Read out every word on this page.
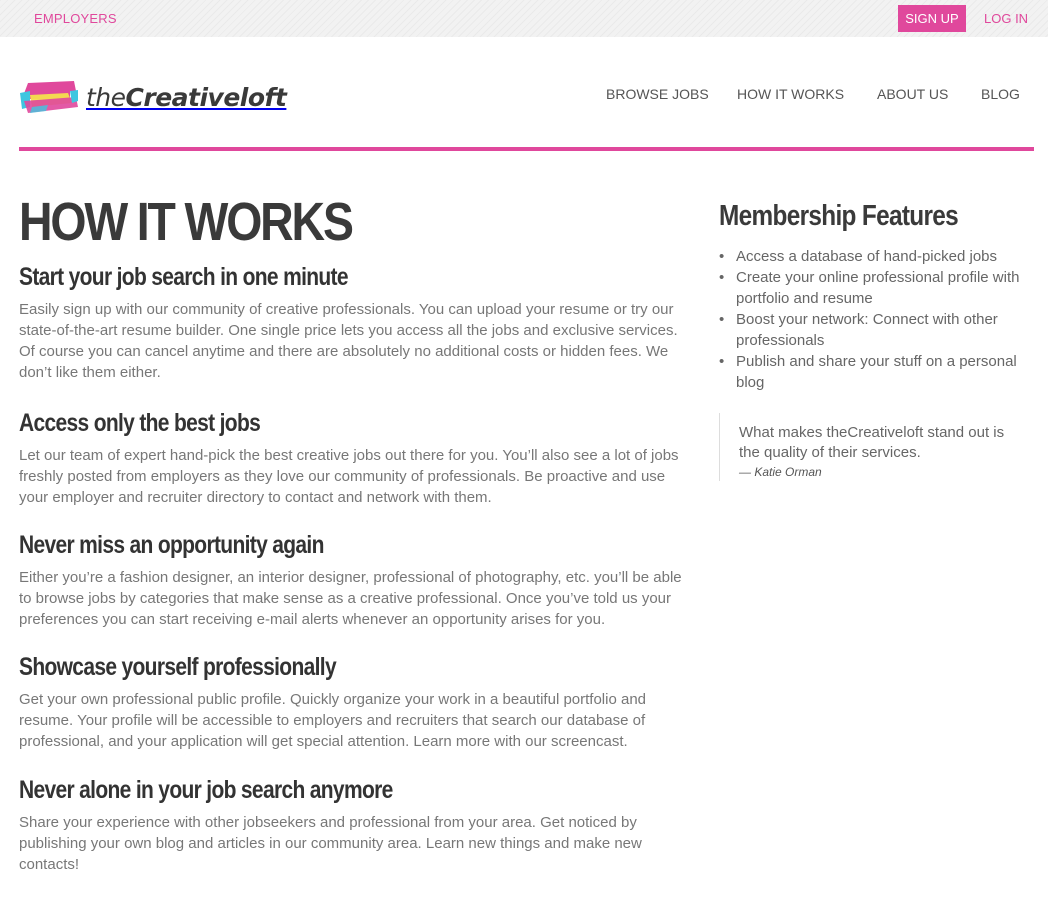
EMPLOYERS	SIGN UP	LOG IN
theCreativeloft	BROWSE JOBS HOW IT WORKS ABOUT US BLOG
HOW IT WORKS
Start your job search in one minute

Easily sign up with our community of creative professionals. You can upload your resume or try our state-of-the-art resume builder. One single price lets you access all the jobs and exclusive services. Of course you can cancel anytime and there are absolutely no additional costs or hidden fees. We don’t like them either.

Access only the best jobs

Let our team of expert hand-pick the best creative jobs out there for you. You’ll also see a lot of jobs freshly posted from employers as they love our community of professionals. Be proactive and use your employer and recruiter directory to contact and network with them.

Never miss an opportunity again

Either you’re a fashion designer, an interior designer, professional of photography, etc. you’ll be able to browse jobs by categories that make sense as a creative professional. Once you’ve told us your preferences you can start receiving e-mail alerts whenever an opportunity arises for you.

Showcase yourself professionally

Get your own professional public profile. Quickly organize your work in a beautiful portfolio and resume. Your profile will be accessible to employers and recruiters that search our database of professional, and your application will get special attention. Learn more with our screencast.

Never alone in your job search anymore

Share your experience with other jobseekers and professional from your area. Get noticed by publishing your own blog and articles in our community area. Learn new things and make new contacts!

Membership Features
• Access a database of hand-picked jobs
• Create your online professional profile with portfolio and resume
• Boost your network: Connect with other professionals
• Publish and share your stuff on a personal blog
What makes theCreativeloft stand out is the quality of their services.
— Katie Orman
